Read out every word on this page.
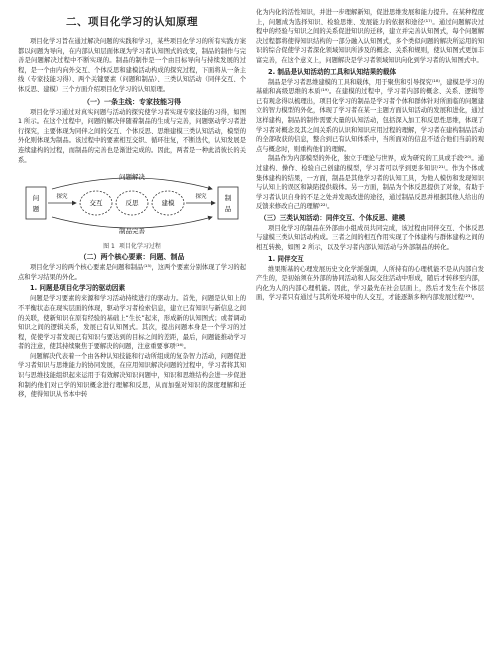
二、项目化学习的认知原理

项目化学习旨在通过解决问题的实践和学习，某些项目化学习的所有实践方案都以问题为导向，在内部认知层面体现为学习者认知图式的改变，制品的制作与完善是问题解决过程中不断实现的。制品的制作是一个由目标导向与持续发展的过程，是一个由内向外交互、个体反思和建模活动构成的探究过程，下面将从一条主线（专家技能习得）、两个关键要素（问题和制品）、三类认知活动（同伴交互、个体反思、建模）三个方面介绍项目化学习的认知原理。

（一）一条主线：专家技能习得

项目化学习通过对真实问题与活动的探究使学习者实现专家技能的习得，如图 1 所示。在这个过程中，问题的解决伴随着制品的生成与完善，问题驱动学习者进行探究，主要体现为同伴之间的交互、个体反思、思维建模三类认知活动，模型的外化则体现为制品。该过程中的要素相互交织、循环往复，不断迭代，认知发展是连续建构的过程，而制品的完善也是渐进完成的。因此，两者是一种此消彼长的关系。

问题解决
制品完善
问
题
制
品
探究	探究
交互	反思	建模
图 1 项目化学习过程
（二）两个核心要素：问题、制品

项目化学习的两个核心要素是问题和制品⁽¹⁵⁾，这两个要素分别体现了学习的起点和学习结果的外化。

1. 问题是项目化学习的驱动因素

问题是学习要素的来源和学习活动持续进行的驱动力。首先，问题是认知上的不平衡状态在现实层面的体现，驱动学习者检索信息，建立已有知识与新信息之间的关联，使新知识在原有经验的基础上“生长”起来，形成新的认知图式；或者调动知识之间的逻辑关系，发展已有认知图式。其次，提出问题本身是一个学习的过程，促使学习者发现已有知识与要达到的目标之间的差距，最后，问题能推动学习者的注意，使其持续聚焦于要解决的问题，注意重要事项⁽¹⁶⁾。

问题解决代表着一个由各种认知技能和行动所组成的复杂智力活动，问题促进学习者知识与思维能力的协同发展，在应用知识解决问题的过程中，学习者将其知识与思维技能组织起来运用于有效解决知识问题中，知识和思维结构会进一步促进和制约他们对已学的知识概念进行理解和反思，从而加强对知识的深度理解和迁移，使得知识从书本中转

化为内化的活性知识，并进一步理解新知，促进思维发展和能力提升。在某种程度上，问题成为选择知识、检验思维、发展能力的依据和途径⁽¹⁷⁾。通过问题解决过程中的经验与知识之间的关系促进知识的迁移，建立并完善认知图式，每个问题解决过程都将使得知识结构的一部分融入认知图式，多个类似问题的解决所运用的知识的综合促使学习者深化领域知识所涉及的概念、关系和规则，使认知图式更加丰富完善，在这个意义上，问题解决是学习者领域知识向化到学习者的认知图式中。

2. 制品是认知活动的工具和认知结果的载体

制品是学习者思维建模的工具和载体，用于聚焦和引导探究⁽¹⁸⁾，建模是学习的基础和高级思维的本质⁽¹⁹⁾。在建模的过程中，学习者内部的概念、关系、逻辑等已有观念得以梳理出，项目化学习的制品是学习者个体和群体针对所面临的问题建立的智力模型的外化，体现了学习者在某一主题方面认知活动的发展和进化，通过这样建构，制品的制作需要大量的认知活动，包括深入加工和反思性思维，体现了学习者对概念及其之间关系的认识和知识应用过程的理解，学习者在建构制品活动的全部收获的信息，整合到已有认知体系中，当所面对的信息不适合他们当前的观点与概念时，则重构他们的理解。

制品作为内部模型的外化，独立于理论与世界，成为研究的工具或手段⁽²⁰⁾。通过建构、操作、检验自己创建的模型，学习者可以学到更多知识⁽²¹⁾。作为个体或集体建构的结果，一方面，制品是其他学习者的认知工具，为他人模仿和发现知识与认知上的误区和缺陷提供载体。另一方面，制品为个体反思提供了对象，有助于学习者认识自身的不足之处并发现改进的途径，通过制品反思并根据其他人给出的反馈来修改自己的理解⁽²²⁾。

（三）三类认知活动：同伴交互、个体反思、建模

项目化学习的制品在外部由小组成员共同完成，该过程由同伴交互、个体反思与建模三类认知活动构成。三者之间的相互作用实现了个体建构与群体建构之间的相互转换，如图 2 所示，以及学习者内部认知活动与外部制品的转化。

1. 同伴交互

维果斯基的心理发展历史文化学派强调，人所持有的心理机能不是从内部自发产生的，是初始须在外部的协同活动和人际交往活动中形成，随后才转移至内部，内化为人的内部心理机能。因此，学习最先在社会层面上，然后才发生在个体层面，学习者只有通过与其所处环境中的人交互，才能逐渐多种内部发展过程⁽²³⁾。
